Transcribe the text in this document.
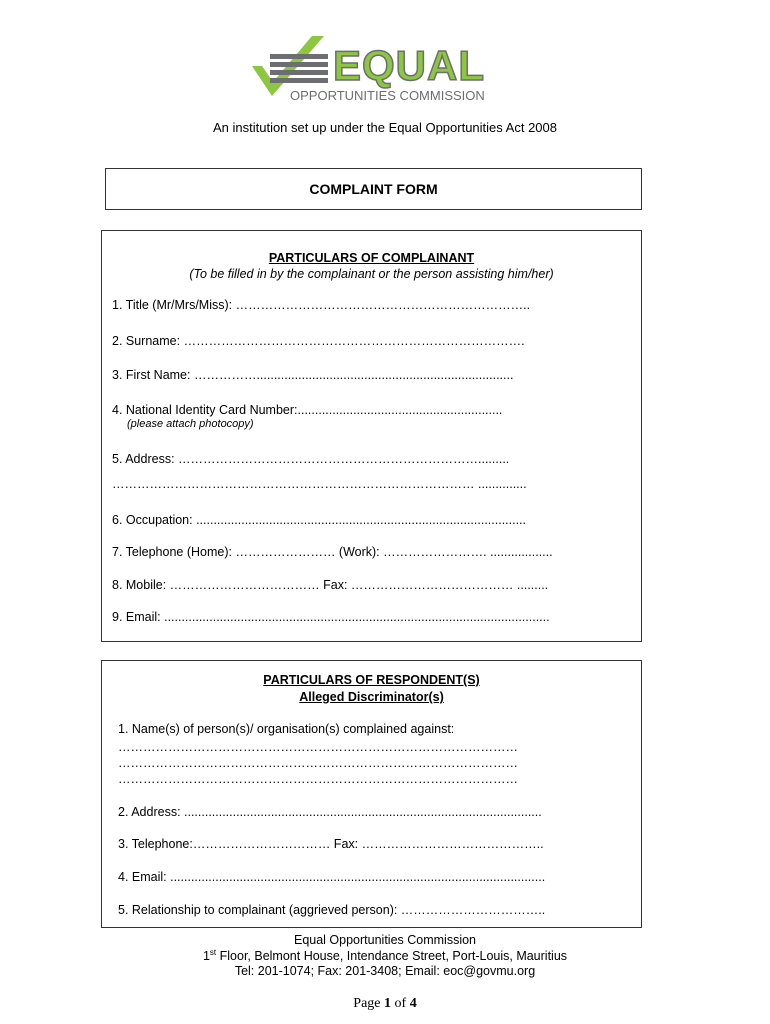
EQUAL
OPPORTUNITIES COMMISSION
An institution set up under the Equal Opportunities Act 2008
COMPLAINT FORM
PARTICULARS OF COMPLAINANT
(To be filled in by the complainant or the person assisting him/her)
1. Title (Mr/Mrs/Miss): ……………………………………………………………..
2. Surname: ……………………………………………………………………….
3. First Name: ……………..........................................................................
4. National Identity Card Number:...........................................................
(please attach photocopy)
5. Address: ……………………………………………………………….........
…………………………………………………………………………… ..............
6. Occupation: ...............................................................................................
7. Telephone (Home): …………………… (Work): ……………………. ..................
8. Mobile: ……………………………… Fax: ………………………………… .........
9. Email: ...............................................................................................................
PARTICULARS OF RESPONDENT(S)
Alleged Discriminator(s)
1. Name(s) of person(s)/ organisation(s) complained against:
……………………………………………………………………………………
……………………………………………………………………………………
……………………………………………………………………………………
2. Address: .......................................................................................................
3. Telephone:…………………………… Fax: ……………………………………..
4. Email: ............................................................................................................
5. Relationship to complainant (aggrieved person): ……………………………..
Equal Opportunities Commission
1st Floor, Belmont House, Intendance Street, Port-Louis, Mauritius
Tel: 201-1074; Fax: 201-3408; Email: eoc@govmu.org
Page 1 of 4
